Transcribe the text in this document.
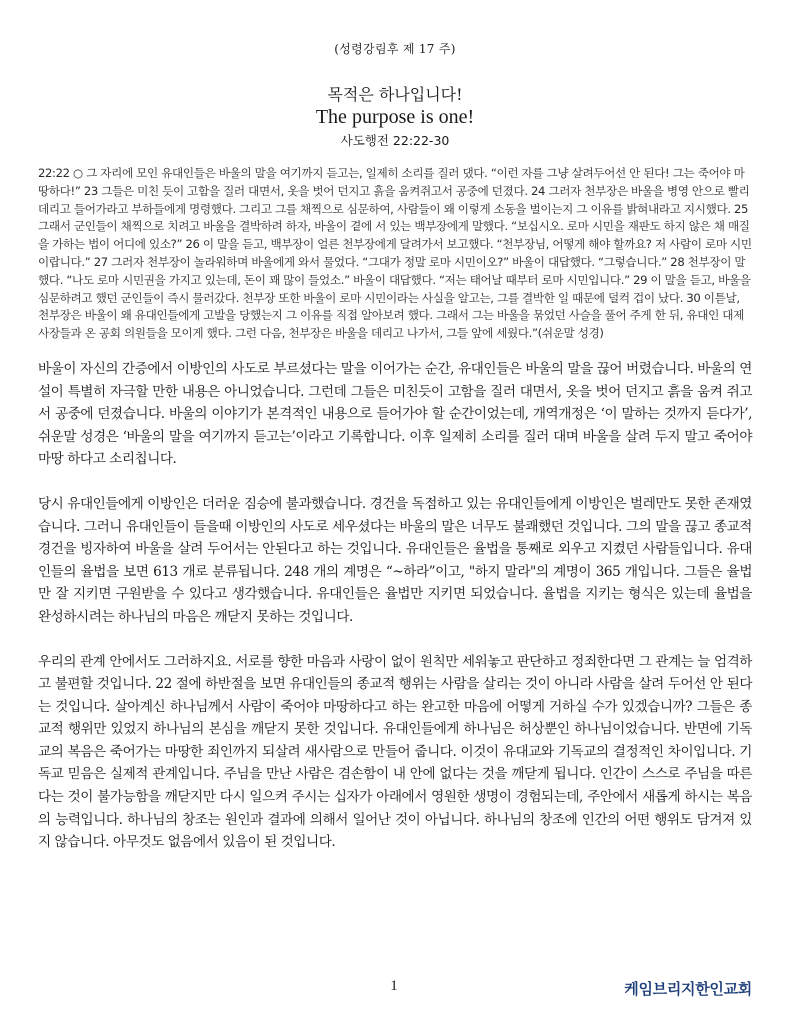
(성령강림후 제 17 주)
목적은 하나입니다!
The purpose is one!
사도행전 22:22-30
22:22 ○ 그 자리에 모인 유대인들은 바울의 말을 여기까지 듣고는, 일제히 소리를 질러 댔다. “이런 자를 그냥 살려두어선 안 된다! 그는 죽어야 마땅하다!” 23 그들은 미친 듯이 고함을 질러 대면서, 옷을 벗어 던지고 흙을 움켜쥐고서 공중에 던졌다. 24 그러자 천부장은 바울을 병영 안으로 빨리 데리고 들어가라고 부하들에게 명령했다. 그리고 그를 채찍으로 심문하여, 사람들이 왜 이렇게 소동을 벌이는지 그 이유를 밝혀내라고 지시했다. 25 그래서 군인들이 채찍으로 치려고 바울을 결박하려 하자, 바울이 곁에 서 있는 백부장에게 말했다. “보십시오. 로마 시민을 재판도 하지 않은 채 매질을 가하는 법이 어디에 있소?” 26 이 말을 듣고, 백부장이 얼른 천부장에게 달려가서 보고했다. “천부장님, 어떻게 해야 할까요? 저 사람이 로마 시민이랍니다.” 27 그러자 천부장이 놀라워하며 바울에게 와서 물었다. “그대가 정말 로마 시민이오?” 바울이 대답했다. “그렇습니다.” 28 천부장이 말했다. “나도 로마 시민권을 가지고 있는데, 돈이 꽤 많이 들었소.” 바울이 대답했다. “저는 태어날 때부터 로마 시민입니다.” 29 이 말을 듣고, 바울을 심문하려고 했던 군인들이 즉시 물러갔다. 천부장 또한 바울이 로마 시민이라는 사실을 알고는, 그를 결박한 일 때문에 덜컥 겁이 났다. 30 이튿날, 천부장은 바울이 왜 유대인들에게 고발을 당했는지 그 이유를 직접 알아보려 했다. 그래서 그는 바울을 묶었던 사슬을 풀어 주게 한 뒤, 유대인 대제사장들과 온 공회 의원들을 모이게 했다. 그런 다음, 천부장은 바울을 데리고 나가서, 그들 앞에 세웠다.”(쉬운말 성경)

바울이 자신의 간증에서 이방인의 사도로 부르셨다는 말을 이어가는 순간, 유대인들은 바울의 말을 끊어 버렸습니다. 바울의 연설이 특별히 자극할 만한 내용은 아니었습니다. 그런데 그들은 미친듯이 고함을 질러 대면서, 옷을 벗어 던지고 흙을 움켜 쥐고서 공중에 던졌습니다. 바울의 이야기가 본격적인 내용으로 들어가야 할 순간이었는데, 개역개정은 ‘이 말하는 것까지 듣다가’, 쉬운말 성경은 ‘바울의 말을 여기까지 듣고는’이라고 기록합니다. 이후 일제히 소리를 질러 대며 바울을 살려 두지 말고 죽어야 마땅 하다고 소리칩니다.

당시 유대인들에게 이방인은 더러운 짐승에 불과했습니다. 경건을 독점하고 있는 유대인들에게 이방인은 벌레만도 못한 존재였습니다. 그러니 유대인들이 들을때 이방인의 사도로 세우셨다는 바울의 말은 너무도 불쾌했던 것입니다. 그의 말을 끊고 종교적 경건을 빙자하여 바울을 살려 두어서는 안된다고 하는 것입니다. 유대인들은 율법을 통째로 외우고 지켰던 사람들입니다. 유대인들의 율법을 보면 613 개로 분류됩니다. 248 개의 계명은 “~하라”이고, "하지 말라"의 계명이 365 개입니다. 그들은 율법만 잘 지키면 구원받을 수 있다고 생각했습니다. 유대인들은 율법만 지키면 되었습니다. 율법을 지키는 형식은 있는데 율법을 완성하시려는 하나님의 마음은 깨닫지 못하는 것입니다.

우리의 관계 안에서도 그러하지요. 서로를 향한 마음과 사랑이 없이 원칙만 세워놓고 판단하고 정죄한다면 그 관계는 늘 엄격하고 불편할 것입니다. 22 절에 하반절을 보면 유대인들의 종교적 행위는 사람을 살리는 것이 아니라 사람을 살려 두어선 안 된다는 것입니다. 살아계신 하나님께서 사람이 죽어야 마땅하다고 하는 완고한 마음에 어떻게 거하실 수가 있겠습니까? 그들은 종교적 행위만 있었지 하나님의 본심을 깨닫지 못한 것입니다. 유대인들에게 하나님은 허상뿐인 하나님이었습니다. 반면에 기독교의 복음은 죽어가는 마땅한 죄인까지 되살려 새사람으로 만들어 줍니다. 이것이 유대교와 기독교의 결정적인 차이입니다. 기독교 믿음은 실제적 관계입니다. 주님을 만난 사람은 겸손함이 내 안에 없다는 것을 깨닫게 됩니다. 인간이 스스로 주님을 따른다는 것이 불가능함을 깨닫지만 다시 일으켜 주시는 십자가 아래에서 영원한 생명이 경험되는데, 주안에서 새롭게 하시는 복음의 능력입니다. 하나님의 창조는 원인과 결과에 의해서 일어난 것이 아닙니다. 하나님의 창조에 인간의 어떤 행위도 담겨져 있지 않습니다. 아무것도 없음에서 있음이 된 것입니다.

1	케임브리지한인교회
